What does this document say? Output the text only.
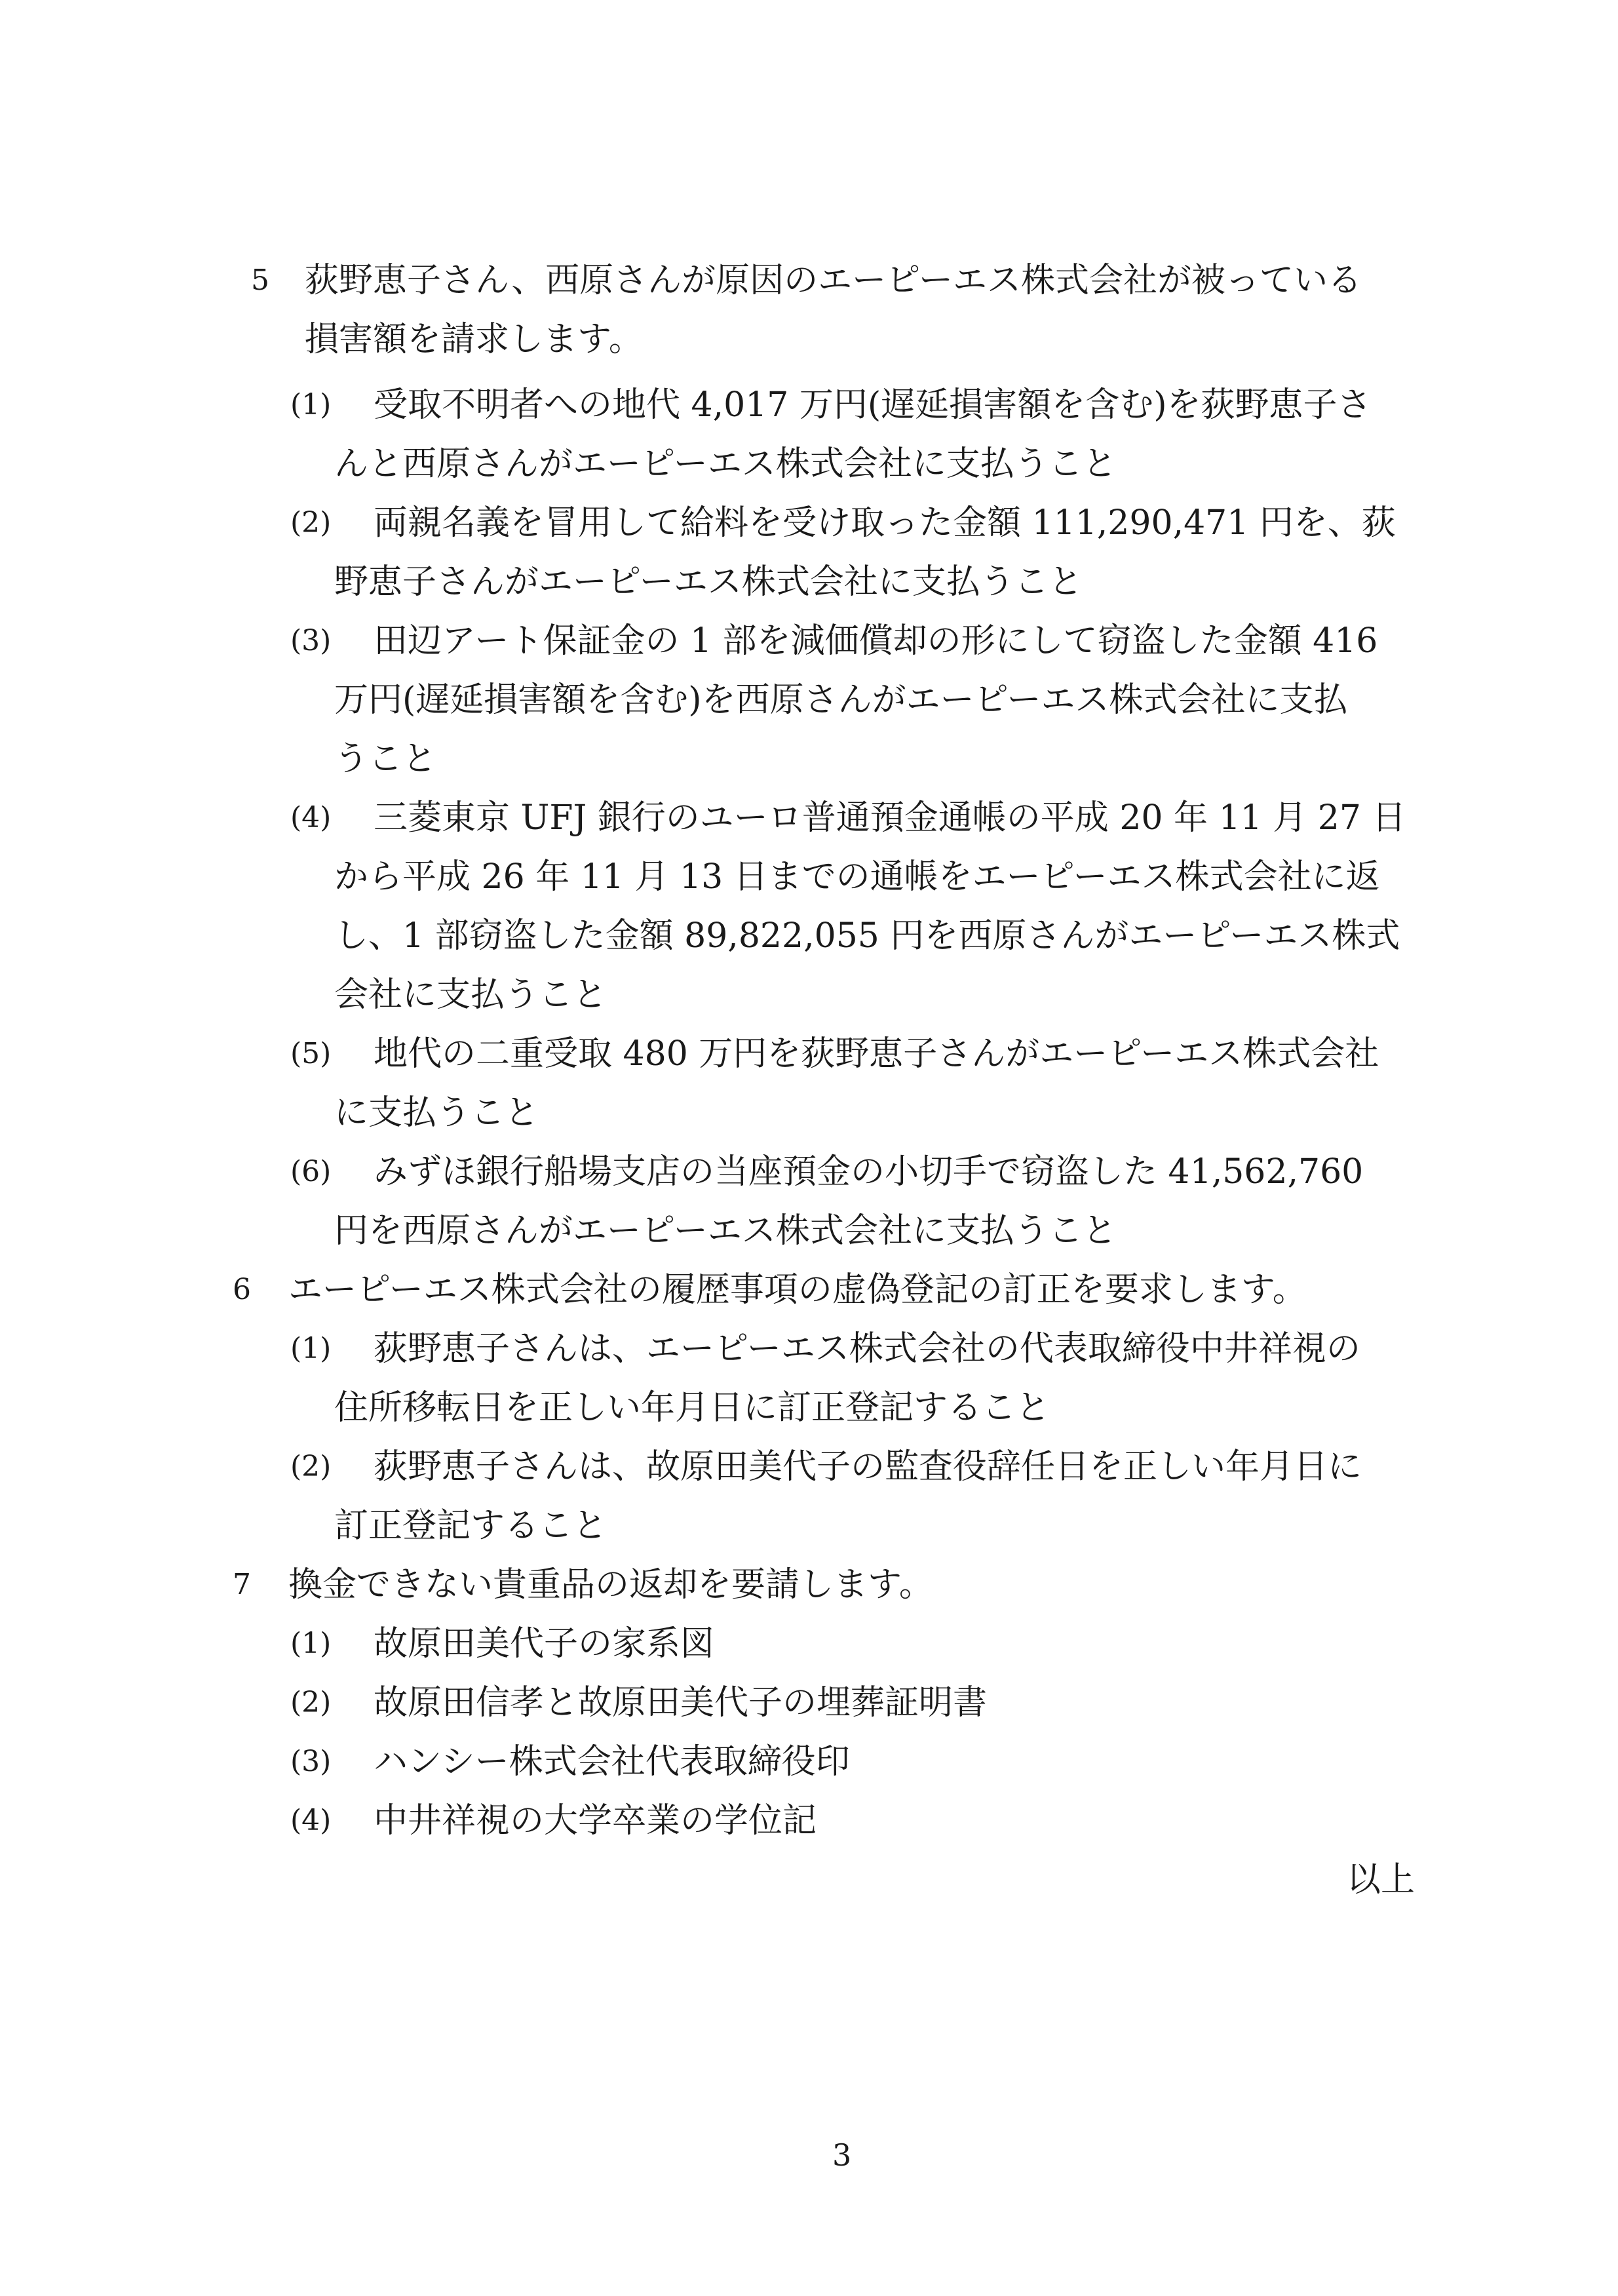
5 荻野恵子さん、西原さんが原因のエーピーエス株式会社が被っている
損害額を請求します。
(1) 受取不明者への地代 4,017 万円(遅延損害額を含む)を荻野恵子さ
んと西原さんがエーピーエス株式会社に支払うこと
(2) 両親名義を冒用して給料を受け取った金額 111,290,471 円を、荻
野恵子さんがエーピーエス株式会社に支払うこと
(3) 田辺アート保証金の 1 部を減価償却の形にして窃盗した金額 416
万円(遅延損害額を含む)を西原さんがエーピーエス株式会社に支払
うこと
(4) 三菱東京 UFJ 銀行のユーロ普通預金通帳の平成 20 年 11 月 27 日
から平成 26 年 11 月 13 日までの通帳をエーピーエス株式会社に返
し、1 部窃盗した金額 89,822,055 円を西原さんがエーピーエス株式
会社に支払うこと
(5) 地代の二重受取 480 万円を荻野恵子さんがエーピーエス株式会社
に支払うこと
(6) みずほ銀行船場支店の当座預金の小切手で窃盗した 41,562,760
円を西原さんがエーピーエス株式会社に支払うこと
6 エーピーエス株式会社の履歴事項の虚偽登記の訂正を要求します。
(1) 荻野恵子さんは、エーピーエス株式会社の代表取締役中井祥視の
住所移転日を正しい年月日に訂正登記すること
(2) 荻野恵子さんは、故原田美代子の監査役辞任日を正しい年月日に
訂正登記すること
7 換金できない貴重品の返却を要請します。
(1) 故原田美代子の家系図
(2) 故原田信孝と故原田美代子の埋葬証明書
(3) ハンシー株式会社代表取締役印
(4) 中井祥視の大学卒業の学位記
以上
3
